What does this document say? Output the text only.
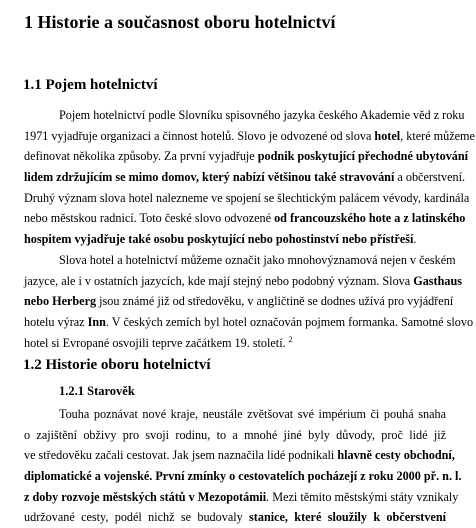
1 Historie a současnost oboru hotelnictví
1.1 Pojem hotelnictví
Pojem hotelnictví podle Slovníku spisovného jazyka českého Akademie věd z roku
1971 vyjadřuje organizaci a činnost hotelů. Slovo je odvozené od slova hotel, které můžeme
definovat několika způsoby. Za první vyjadřuje podnik poskytující přechodné ubytování
lidem zdržujícím se mimo domov, který nabízí většinou také stravování a občerstvení.
Druhý význam slova hotel nalezneme ve spojení se šlechtickým palácem vévody, kardinála
nebo městskou radnicí. Toto české slovo odvozené od francouzského hote a z latinského
hospitem vyjadřuje také osobu poskytující nebo pohostinství nebo přístřeší.
Slova hotel a hotelnictví můžeme označit jako mnohovýznamová nejen v českém
jazyce, ale i v ostatních jazycích, kde mají stejný nebo podobný význam. Slova Gasthaus
nebo Herberg jsou známé již od středověku, v angličtině se dodnes užívá pro vyjádření
hotelu výraz Inn. V českých zemích byl hotel označován pojmem formanka. Samotné slovo
hotel si Evropané osvojili teprve začátkem 19. století. $^2$
1.2 Historie oboru hotelnictví
1.2.1 Starověk
Touha poznávat nové kraje, neustále zvětšovat své impérium či pouhá snaha
o zajištění obživy pro svoji rodinu, to a mnohé jiné byly důvody, proč lidé již
ve středověku začali cestovat. Jak jsem naznačila lidé podnikali hlavně cesty obchodní,
diplomatické a vojenské. První zmínky o cestovatelích pocházejí z roku 2000 př. n. l.
z doby rozvoje městských států v Mezopotámii. Mezi těmito městskými státy vznikaly
udržované cesty, podél nichž se budovaly stanice, které sloužily k občerstvení
